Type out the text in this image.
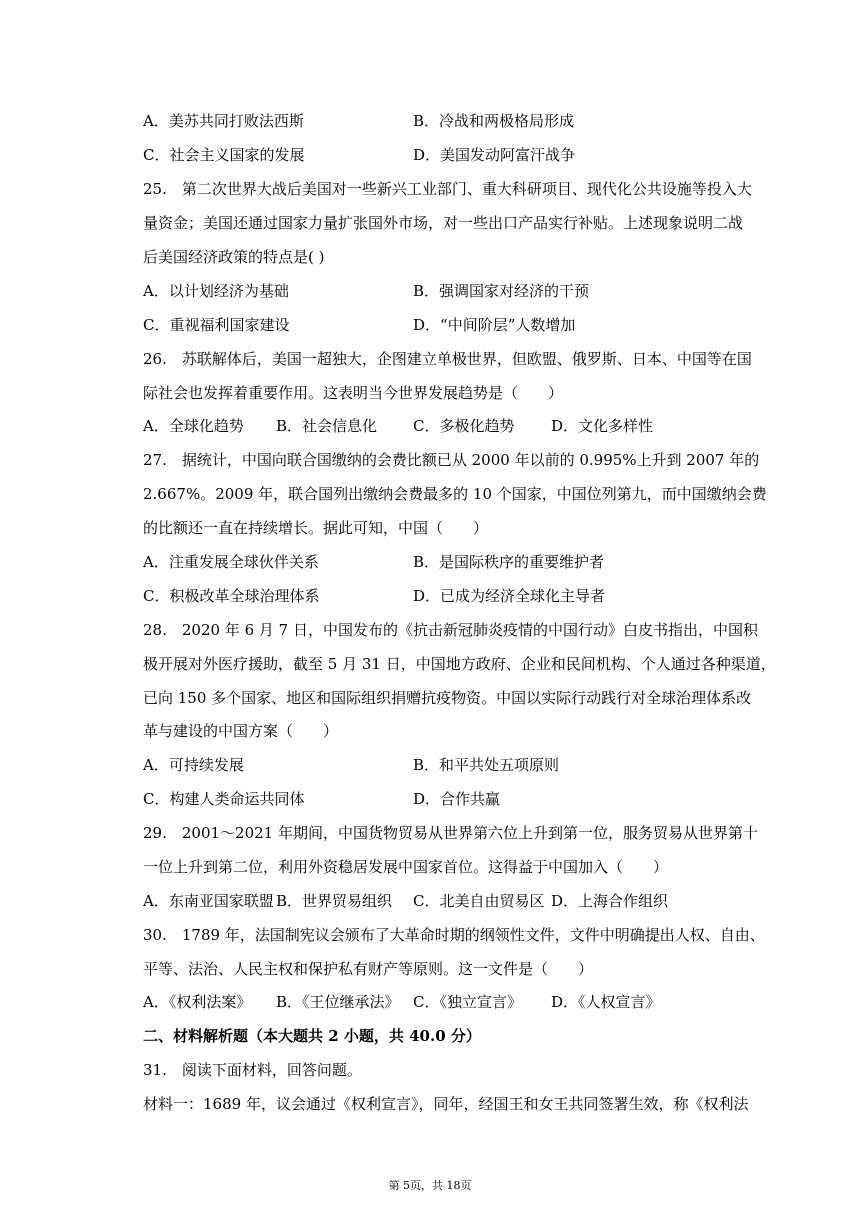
A．美苏共同打败法西斯	B．冷战和两极格局形成
C．社会主义国家的发展	D．美国发动阿富汗战争
25.　第二次世界大战后美国对一些新兴工业部门、重大科研项目、现代化公共设施等投入大
量资金；美国还通过国家力量扩张国外市场，对一些出口产品实行补贴。上述现象说明二战
后美国经济政策的特点是( )
A．以计划经济为基础	B．强调国家对经济的干预
C．重视福利国家建设	D．“中间阶层”人数增加
26.　苏联解体后，美国一超独大，企图建立单极世界，但欧盟、俄罗斯、日本、中国等在国
际社会也发挥着重要作用。这表明当今世界发展趋势是（　　）
A．全球化趋势 B．社会信息化 C．多极化趋势 D．文化多样性
27.　据统计，中国向联合国缴纳的会费比额已从 2000 年以前的 0.995%上升到 2007 年的
2.667%。2009 年，联合国列出缴纳会费最多的 10 个国家，中国位列第九，而中国缴纳会费
的比额还一直在持续增长。据此可知，中国（　　）
A．注重发展全球伙伴关系	B．是国际秩序的重要维护者
C．积极改革全球治理体系	D．已成为经济全球化主导者
28.　2020 年 6 月 7 日，中国发布的《抗击新冠肺炎疫情的中国行动》白皮书指出，中国积
极开展对外医疗援助，截至 5 月 31 日，中国地方政府、企业和民间机构、个人通过各种渠道，
已向 150 多个国家、地区和国际组织捐赠抗疫物资。中国以实际行动践行对全球治理体系改
革与建设的中国方案（　　）
A．可持续发展	B．和平共处五项原则
C．构建人类命运共同体	D．合作共赢
29.　2001～2021 年期间，中国货物贸易从世界第六位上升到第一位，服务贸易从世界第十
一位上升到第二位，利用外资稳居发展中国家首位。这得益于中国加入（　　）
A．东南亚国家联盟 B．世界贸易组织 C．北美自由贸易区 D．上海合作组织
30.　1789 年，法国制宪议会颁布了大革命时期的纲领性文件，文件中明确提出人权、自由、
平等、法治、人民主权和保护私有财产等原则。这一文件是（　　）
A．《权利法案》 B．《王位继承法》 C．《独立宣言》 D．《人权宣言》
二、材料解析题（本大题共 2 小题，共 40.0 分）
31.　阅读下面材料，回答问题。
材料一：1689 年，议会通过《权利宣言》，同年，经国王和女王共同签署生效，称《权利法
第 5页，共 18页
